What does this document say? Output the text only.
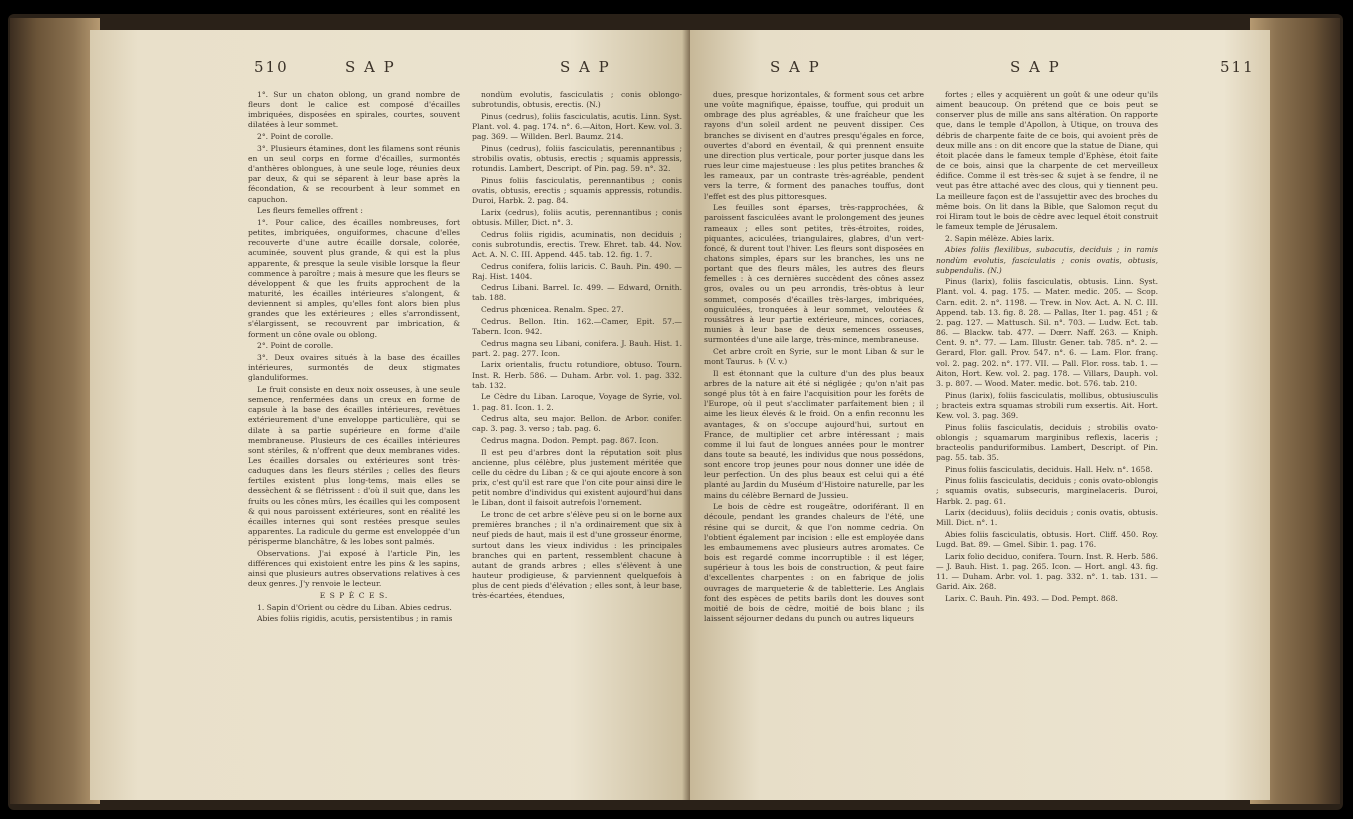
510	S A P	S A P

1°. Sur un chaton oblong, un grand nombre de fleurs dont le calice est composé d'écailles imbriquées, disposées en spirales, courtes, souvent dilatées à leur sommet.

2°. Point de corolle.

3°. Plusieurs étamines, dont les filamens sont réunis en un seul corps en forme d'écailles, surmontés d'anthères oblongues, à une seule loge, réunies deux par deux, & qui se séparent à leur base après la fécondation, & se recourbent à leur sommet en capuchon.

Les fleurs femelles offrent :

1°. Pour calice, des écailles nombreuses, fort petites, imbriquées, onguiformes, chacune d'elles recouverte d'une autre écaille dorsale, colorée, acuminée, souvent plus grande, & qui est la plus apparente, & presque la seule visible lorsque la fleur commence à paroître ; mais à mesure que les fleurs se développent & que les fruits approchent de la maturité, les écailles intérieures s'alongent, & deviennent si amples, qu'elles font alors bien plus grandes que les extérieures ; elles s'arrondissent, s'élargissent, se recouvrent par imbrication, & forment un cône ovale ou oblong.

2°. Point de corolle.

3°. Deux ovaires situés à la base des écailles intérieures, surmontés de deux stigmates glanduliformes.

Le fruit consiste en deux noix osseuses, à une seule semence, renfermées dans un creux en forme de capsule à la base des écailles intérieures, revêtues extérieurement d'une enveloppe particulière, qui se dilate à sa partie supérieure en forme d'aile membraneuse. Plusieurs de ces écailles intérieures sont stériles, & n'offrent que deux membranes vides. Les écailles dorsales ou extérieures sont très-caduques dans les fleurs stériles ; celles des fleurs fertiles existent plus long-tems, mais elles se dessèchent & se flétrissent : d'où il suit que, dans les fruits ou les cônes mûrs, les écailles qui les composent & qui nous paroissent extérieures, sont en réalité les écailles internes qui sont restées presque seules apparentes. La radicule du germe est enveloppée d'un périsperme blanchâtre, & les lobes sont palmés.

Observations. J'ai exposé à l'article Pin, les différences qui existoient entre les pins & les sapins, ainsi que plusieurs autres observations relatives à ces deux genres. J'y renvoie le lecteur.

E S P È C E S.

1. Sapin d'Orient ou cèdre du Liban. Abies cedrus.

Abies foliis rigidis, acutis, persistentibus ; in ramis

nondùm evolutis, fasciculatis ; conis oblongo-subrotundis, obtusis, erectis. (N.)

Pinus (cedrus), foliis fasciculatis, acutis. Linn. Syst. Plant. vol. 4. pag. 174. n°. 6.—Aiton, Hort. Kew. vol. 3. pag. 369. — Willden. Berl. Baumz. 214.

Pinus (cedrus), foliis fasciculatis, perennantibus ; strobilis ovatis, obtusis, erectis ; squamis appressis, rotundis. Lambert, Descript. of Pin. pag. 59. n°. 32.

Pinus foliis fasciculatis, perennantibus ; conis ovatis, obtusis, erectis ; squamis appressis, rotundis. Duroi, Harbk. 2. pag. 84.

Larix (cedrus), foliis acutis, perennantibus ; conis obtusis. Miller, Dict. n°. 3.

Cedrus foliis rigidis, acuminatis, non deciduis ; conis subrotundis, erectis. Trew. Ehret. tab. 44. Nov. Act. A. N. C. III. Append. 445. tab. 12. fig. 1. 7.

Cedrus conifera, foliis laricis. C. Bauh. Pin. 490. — Raj. Hist. 1404.

Cedrus Libani. Barrel. Ic. 499. — Edward, Ornith. tab. 188.

Cedrus phœnicea. Renalm. Spec. 27.

Cedrus. Bellon. Itin. 162.—Camer, Epit. 57.—Tabern. Icon. 942.

Cedrus magna seu Libani, conifera. J. Bauh. Hist. 1. part. 2. pag. 277. Icon.

Larix orientalis, fructu rotundiore, obtuso. Tourn. Inst. R. Herb. 586. — Duham. Arbr. vol. 1. pag. 332. tab. 132.

Le Cèdre du Liban. Laroque, Voyage de Syrie, vol. 1. pag. 81. Icon. 1. 2.

Cedrus alta, seu major. Bellon. de Arbor. conifer. cap. 3. pag. 3. verso ; tab. pag. 6.

Cedrus magna. Dodon. Pempt. pag. 867. Icon.

Il est peu d'arbres dont la réputation soit plus ancienne, plus célèbre, plus justement méritée que celle du cèdre du Liban ; & ce qui ajoute encore à son prix, c'est qu'il est rare que l'on cite pour ainsi dire le petit nombre d'individus qui existent aujourd'hui dans le Liban, dont il faisoit autrefois l'ornement.

Le tronc de cet arbre s'élève peu si on le borne aux premières branches ; il n'a ordinairement que six à neuf pieds de haut, mais il est d'une grosseur énorme, surtout dans les vieux individus : les principales branches qui en partent, ressemblent chacune à autant de grands arbres ; elles s'élèvent à une hauteur prodigieuse, & parviennent quelquefois à plus de cent pieds d'élévation ; elles sont, à leur base, très-écartées, étendues,

S A P	S A P	511

dues, presque horizontales, & forment sous cet arbre une voûte magnifique, épaisse, touffue, qui produit un ombrage des plus agréables, & une fraîcheur que les rayons d'un soleil ardent ne peuvent dissiper. Ces branches se divisent en d'autres presqu'égales en force, ouvertes d'abord en éventail, & qui prennent ensuite une direction plus verticale, pour porter jusque dans les rues leur cime majestueuse : les plus petites branches & les rameaux, par un contraste très-agréable, pendent vers la terre, & forment des panaches touffus, dont l'effet est des plus pittoresques.

Les feuilles sont éparses, très-rapprochées, & paroissent fasciculées avant le prolongement des jeunes rameaux ; elles sont petites, très-étroites, roides, piquantes, aciculées, triangulaires, glabres, d'un vert-foncé, & durent tout l'hiver. Les fleurs sont disposées en chatons simples, épars sur les branches, les uns ne portant que des fleurs mâles, les autres des fleurs femelles : à ces dernières succèdent des cônes assez gros, ovales ou un peu arrondis, très-obtus à leur sommet, composés d'écailles très-larges, imbriquées, onguiculées, tronquées à leur sommet, veloutées & roussâtres à leur partie extérieure, minces, coriaces, munies à leur base de deux semences osseuses, surmontées d'une aile large, très-mince, membraneuse.

Cet arbre croît en Syrie, sur le mont Liban & sur le mont Taurus. ♄ (V. v.)

Il est étonnant que la culture d'un des plus beaux arbres de la nature ait été si négligée ; qu'on n'ait pas songé plus tôt à en faire l'acquisition pour les forêts de l'Europe, où il peut s'acclimater parfaitement bien ; il aime les lieux élevés & le froid. On a enfin reconnu les avantages, & on s'occupe aujourd'hui, surtout en France, de multiplier cet arbre intéressant ; mais comme il lui faut de longues années pour le montrer dans toute sa beauté, les individus que nous possédons, sont encore trop jeunes pour nous donner une idée de leur perfection. Un des plus beaux est celui qui a été planté au Jardin du Muséum d'Histoire naturelle, par les mains du célèbre Bernard de Jussieu.

Le bois de cèdre est rougeâtre, odoriférant. Il en découle, pendant les grandes chaleurs de l'été, une résine qui se durcit, & que l'on nomme cedria. On l'obtient également par incision : elle est employée dans les embaumemens avec plusieurs autres aromates. Ce bois est regardé comme incorruptible : il est léger, supérieur à tous les bois de construction, & peut faire d'excellentes charpentes : on en fabrique de jolis ouvrages de marqueterie & de tabletterie. Les Anglais font des espèces de petits barils dont les douves sont moitié de bois de cèdre, moitié de bois blanc ; ils laissent séjourner dedans du punch ou autres liqueurs

fortes ; elles y acquièrent un goût & une odeur qu'ils aiment beaucoup. On prétend que ce bois peut se conserver plus de mille ans sans altération. On rapporte que, dans le temple d'Apollon, à Utique, on trouva des débris de charpente faite de ce bois, qui avoient près de deux mille ans : on dit encore que la statue de Diane, qui étoit placée dans le fameux temple d'Ephèse, étoit faite de ce bois, ainsi que la charpente de cet merveilleux édifice. Comme il est très-sec & sujet à se fendre, il ne veut pas être attaché avec des clous, qui y tiennent peu. La meilleure façon est de l'assujettir avec des broches du même bois. On lit dans la Bible, que Salomon reçut du roi Hiram tout le bois de cèdre avec lequel étoit construit le fameux temple de Jérusalem.

2. Sapin mélèze. Abies larix.

Abies foliis flexilibus, subacutis, deciduis ; in ramis nondùm evolutis, fasciculatis ; conis ovatis, obtusis, subpendulis. (N.)

Pinus (larix), foliis fasciculatis, obtusis. Linn. Syst. Plant. vol. 4. pag. 175. — Mater. medic. 205. — Scop. Carn. edit. 2. n°. 1198. — Trew. in Nov. Act. A. N. C. III. Append. tab. 13. fig. 8. 28. — Pallas, Iter 1. pag. 451 ; & 2. pag. 127. — Mattusch. Sil. n°. 703. — Ludw. Ect. tab. 86. — Blackw. tab. 477. — Dœrr. Naff. 263. — Kniph. Cent. 9. n°. 77. — Lam. Illustr. Gener. tab. 785. n°. 2. — Gerard, Flor. gall. Prov. 547. n°. 6. — Lam. Flor. franç. vol. 2. pag. 202. n°. 177. VII. — Pall. Flor. ross. tab. 1. — Aiton, Hort. Kew. vol. 2. pag. 178. — Villars, Dauph. vol. 3. p. 807. — Wood. Mater. medic. bot. 576. tab. 210.

Pinus (larix), foliis fasciculatis, mollibus, obtusiusculis ; bracteis extra squamas strobili rum exsertis. Ait. Hort. Kew. vol. 3. pag. 369.

Pinus foliis fasciculatis, deciduis ; strobilis ovato-oblongis ; squamarum marginibus reflexis, laceris ; bracteolis panduriformibus. Lambert, Descript. of Pin. pag. 55. tab. 35.

Pinus foliis fasciculatis, deciduis. Hall. Helv. n°. 1658.

Pinus foliis fasciculatis, deciduis ; conis ovato-oblongis ; squamis ovatis, subsecuris, marginelaceris. Duroi, Harbk. 2. pag. 61.

Larix (deciduus), foliis deciduis ; conis ovatis, obtusis. Mill. Dict. n°. 1.

Abies foliis fasciculatis, obtusis. Hort. Cliff. 450. Roy. Lugd. Bat. 89. — Gmel. Sibir. 1. pag. 176.

Larix folio deciduo, conifera. Tourn. Inst. R. Herb. 586. — J. Bauh. Hist. 1. pag. 265. Icon. — Hort. angl. 43. fig. 11. — Duham. Arbr. vol. 1. pag. 332. n°. 1. tab. 131. — Garid. Aix. 268.

Larix. C. Bauh. Pin. 493. — Dod. Pempt. 868.
